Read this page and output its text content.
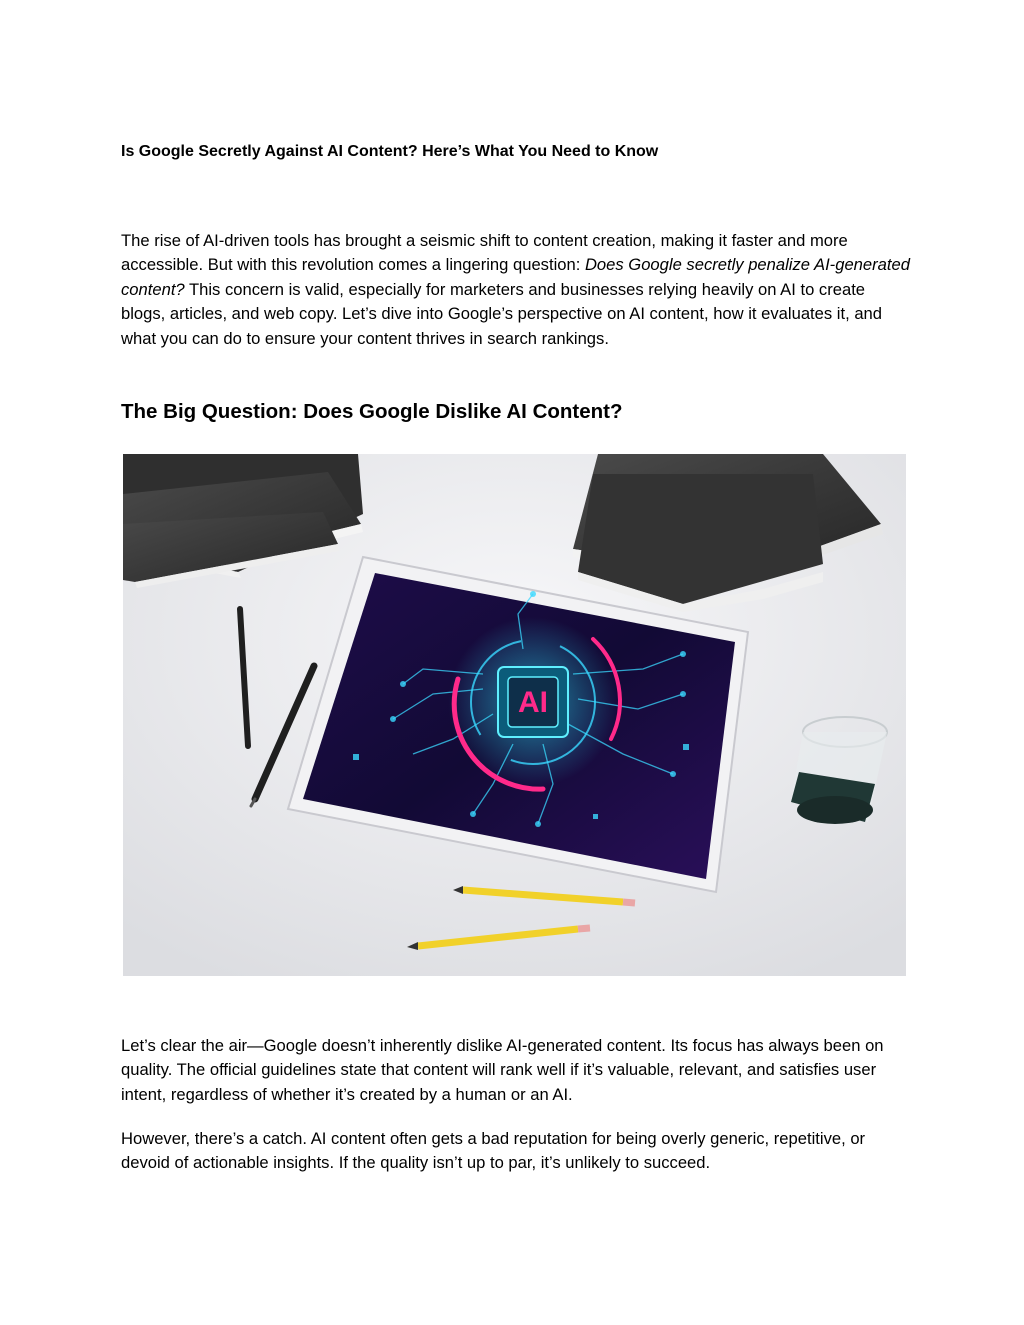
Is Google Secretly Against AI Content? Here’s What You Need to Know

The rise of AI-driven tools has brought a seismic shift to content creation, making it faster and more accessible. But with this revolution comes a lingering question: Does Google secretly penalize AI-generated content? This concern is valid, especially for marketers and businesses relying heavily on AI to create blogs, articles, and web copy. Let’s dive into Google’s perspective on AI content, how it evaluates it, and what you can do to ensure your content thrives in search rankings.

The Big Question: Does Google Dislike AI Content?
AI

Let’s clear the air—Google doesn’t inherently dislike AI-generated content. Its focus has always been on quality. The official guidelines state that content will rank well if it’s valuable, relevant, and satisfies user intent, regardless of whether it’s created by a human or an AI.

However, there’s a catch. AI content often gets a bad reputation for being overly generic, repetitive, or devoid of actionable insights. If the quality isn’t up to par, it’s unlikely to succeed.
